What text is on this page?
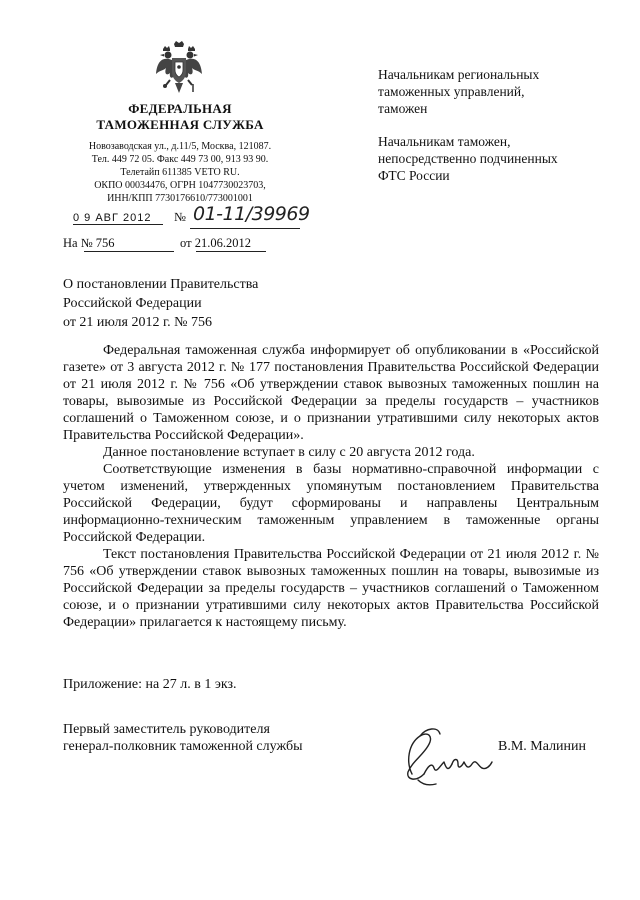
ФЕДЕРАЛЬНАЯ
ТАМОЖЕННАЯ СЛУЖБА
Новозаводская ул., д.11/5, Москва, 121087.
Тел. 449 72 05. Факс 449 73 00, 913 93 90.
Телетайп 611385 VETO RU.
ОКПО 00034476, ОГРН 1047730023703,
ИНН/КПП 7730176610/773001001
Начальникам региональных
таможенных управлений,
таможен
Начальникам таможен,
непосредственно подчиненных
ФТС России
0 9 АВГ 2012	№ 01-11/39969
На № 756	от 21.06.2012
О постановлении Правительства
Российской Федерации
от 21 июля 2012 г. № 756

Федеральная таможенная служба информирует об опубликовании в «Российской газете» от 3 августа 2012 г. № 177 постановления Правительства Российской Федерации от 21 июля 2012 г. № 756 «Об утверждении ставок вывозных таможенных пошлин на товары, вывозимые из Российской Федерации за пределы государств – участников соглашений о Таможенном союзе, и о признании утратившими силу некоторых актов Правительства Российской Федерации».

Данное постановление вступает в силу с 20 августа 2012 года.

Соответствующие изменения в базы нормативно-справочной информации с учетом изменений, утвержденных упомянутым постановлением Правительства Российской Федерации, будут сформированы и направлены Центральным информационно-техническим таможенным управлением в таможенные органы Российской Федерации.

Текст постановления Правительства Российской Федерации от 21 июля 2012 г. № 756 «Об утверждении ставок вывозных таможенных пошлин на товары, вывозимые из Российской Федерации за пределы государств – участников соглашений о Таможенном союзе, и о признании утратившими силу некоторых актов Правительства Российской Федерации» прилагается к настоящему письму.

Приложение: на 27 л. в 1 экз.
Первый заместитель руководителя
генерал-полковник таможенной службы	В.М. Малинин
